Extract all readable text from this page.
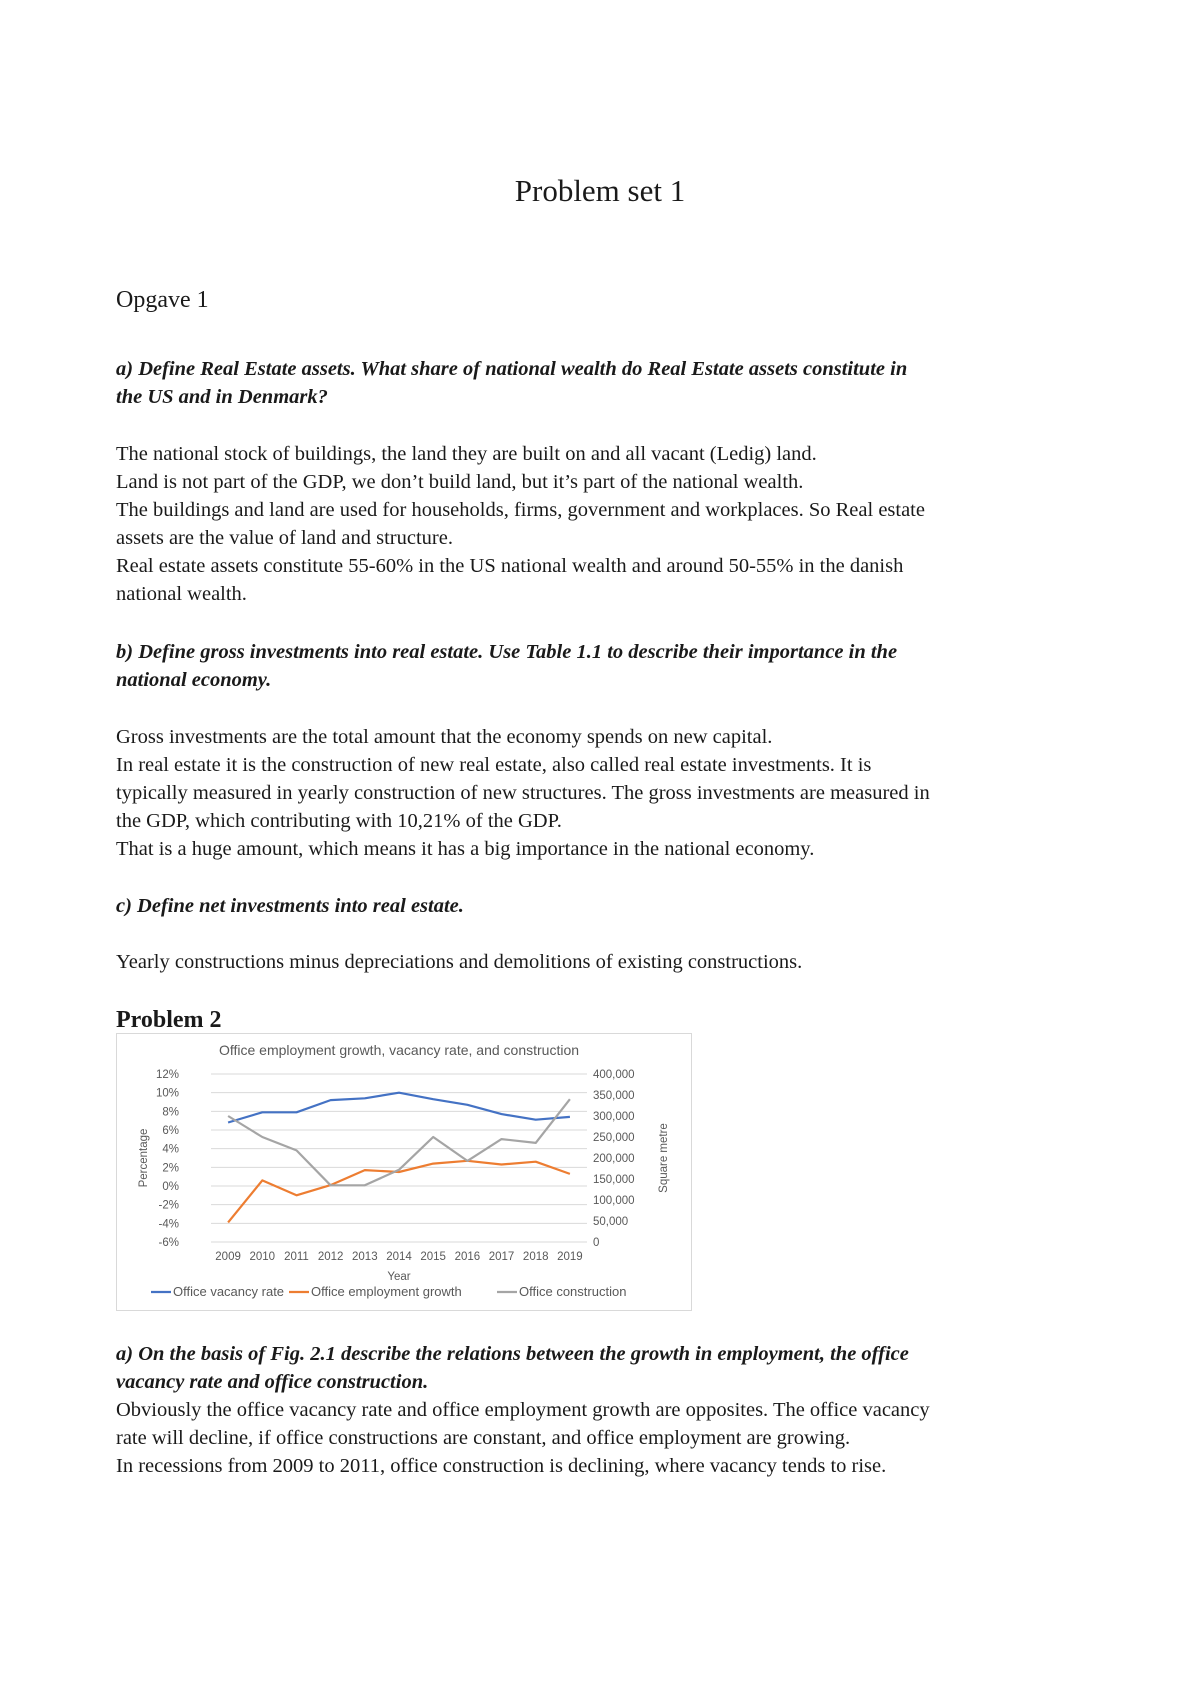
Problem set 1
Opgave 1
a) Define Real Estate assets. What share of national wealth do Real Estate assets constitute in
the US and in Denmark?
The national stock of buildings, the land they are built on and all vacant (Ledig) land.
Land is not part of the GDP, we don’t build land, but it’s part of the national wealth.
The buildings and land are used for households, firms, government and workplaces. So Real estate
assets are the value of land and structure.
Real estate assets constitute 55-60% in the US national wealth and around 50-55% in the danish
national wealth.
b) Define gross investments into real estate. Use Table 1.1 to describe their importance in the
national economy.
Gross investments are the total amount that the economy spends on new capital.
In real estate it is the construction of new real estate, also called real estate investments. It is
typically measured in yearly construction of new structures. The gross investments are measured in
the GDP, which contributing with 10,21% of the GDP.
That is a huge amount, which means it has a big importance in the national economy.
c) Define net investments into real estate.
Yearly constructions minus depreciations and demolitions of existing constructions.
Problem 2
Office employment growth, vacancy rate, and construction
12%
10%
8%
6%
4%
2%
0%
-2%
-4%
-6%
400,000
350,000
300,000
250,000
200,000
150,000
100,000
50,000
0
2009 2010 2011 2012 2013 2014 2015 2016 2017 2018 2019
Year
Percentage	Square metre
Office vacancy rate Office employment growth	Office construction
a) On the basis of Fig. 2.1 describe the relations between the growth in employment, the office
vacancy rate and office construction.
Obviously the office vacancy rate and office employment growth are opposites. The office vacancy
rate will decline, if office constructions are constant, and office employment are growing.
In recessions from 2009 to 2011, office construction is declining, where vacancy tends to rise.
